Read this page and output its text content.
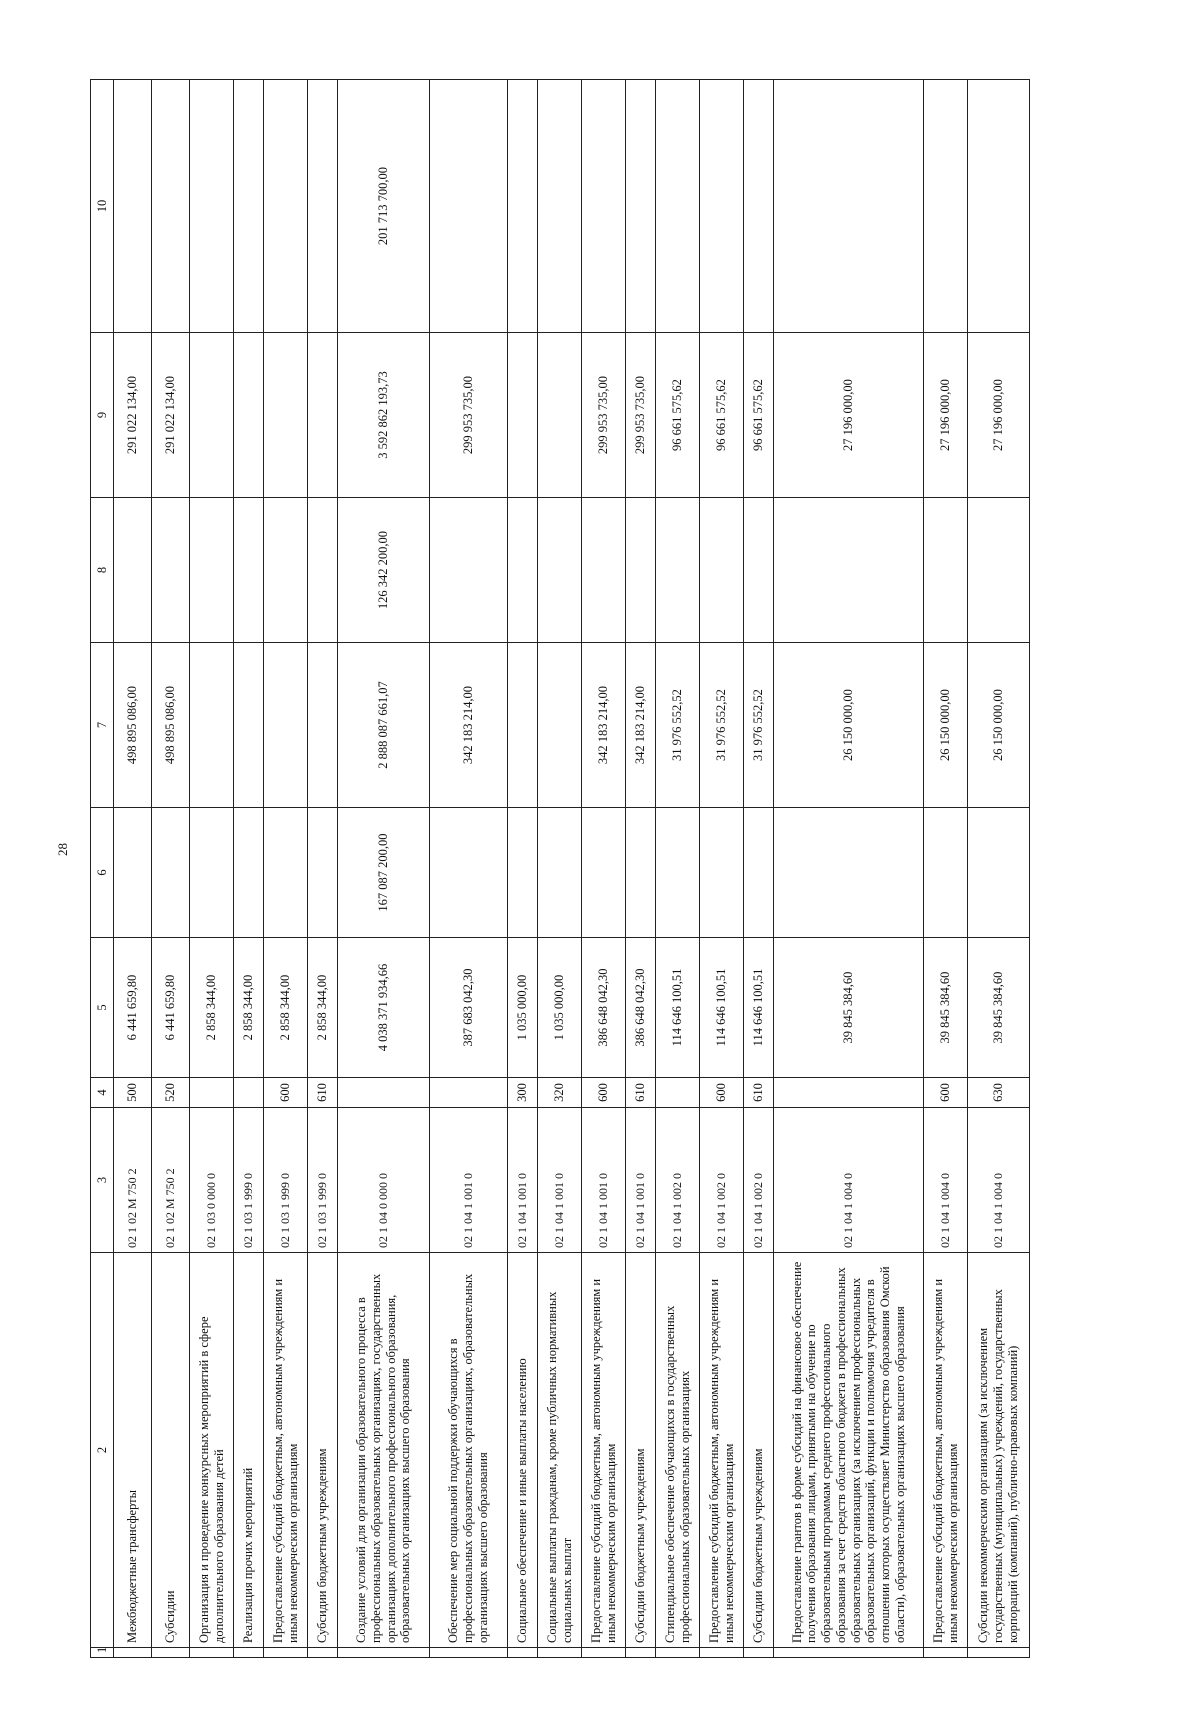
28
1	2	3	4	5	6	7	8	9	10
	Межбюджетные трансферты	02 1 02 M 750 2	500	6 441 659,80		498 895 086,00		291 022 134,00	
	Субсидии	02 1 02 M 750 2	520	6 441 659,80		498 895 086,00		291 022 134,00	
	Организация и проведение конкурсных мероприятий в сфере дополнительного образования детей	02 1 03 0 000 0		2 858 344,00					
	Реализация прочих мероприятий	02 1 03 1 999 0		2 858 344,00					
	Предоставление субсидий бюджетным, автономным учреждениям и иным некоммерческим организациям	02 1 03 1 999 0	600	2 858 344,00					
	Субсидии бюджетным учреждениям	02 1 03 1 999 0	610	2 858 344,00					
	Создание условий для организации образовательного процесса в профессиональных образовательных организациях, государственных организациях дополнительного профессионального образования, образовательных организациях высшего образования	02 1 04 0 000 0		4 038 371 934,66	167 087 200,00	2 888 087 661,07	126 342 200,00	3 592 862 193,73	201 713 700,00
	Обеспечение мер социальной поддержки обучающихся в профессиональных образовательных организациях, образовательных организациях высшего образования	02 1 04 1 001 0		387 683 042,30		342 183 214,00		299 953 735,00	
	Социальное обеспечение и иные выплаты населению	02 1 04 1 001 0	300	1 035 000,00					
	Социальные выплаты гражданам, кроме публичных нормативных социальных выплат	02 1 04 1 001 0	320	1 035 000,00					
	Предоставление субсидий бюджетным, автономным учреждениям и иным некоммерческим организациям	02 1 04 1 001 0	600	386 648 042,30		342 183 214,00		299 953 735,00	
	Субсидии бюджетным учреждениям	02 1 04 1 001 0	610	386 648 042,30		342 183 214,00		299 953 735,00	
	Стипендиальное обеспечение обучающихся в государственных профессиональных образовательных организациях	02 1 04 1 002 0		114 646 100,51		31 976 552,52		96 661 575,62	
	Предоставление субсидий бюджетным, автономным учреждениям и иным некоммерческим организациям	02 1 04 1 002 0	600	114 646 100,51		31 976 552,52		96 661 575,62	
	Субсидии бюджетным учреждениям	02 1 04 1 002 0	610	114 646 100,51		31 976 552,52		96 661 575,62	
	Предоставление грантов в форме субсидий на финансовое обеспечение получения образования лицами, принятыми на обучение по образовательным программам среднего профессионального образования за счет средств областного бюджета в профессиональных образовательных организациях (за исключением профессиональных образовательных организаций, функции и полномочия учредителя в отношении которых осуществляет Министерство образования Омской области), образовательных организациях высшего образования	02 1 04 1 004 0		39 845 384,60		26 150 000,00		27 196 000,00	
	Предоставление субсидий бюджетным, автономным учреждениям и иным некоммерческим организациям	02 1 04 1 004 0	600	39 845 384,60		26 150 000,00		27 196 000,00	
	Субсидии некоммерческим организациям (за исключением государственных (муниципальных) учреждений, государственных корпораций (компаний), публично-правовых компаний)	02 1 04 1 004 0	630	39 845 384,60		26 150 000,00		27 196 000,00	
